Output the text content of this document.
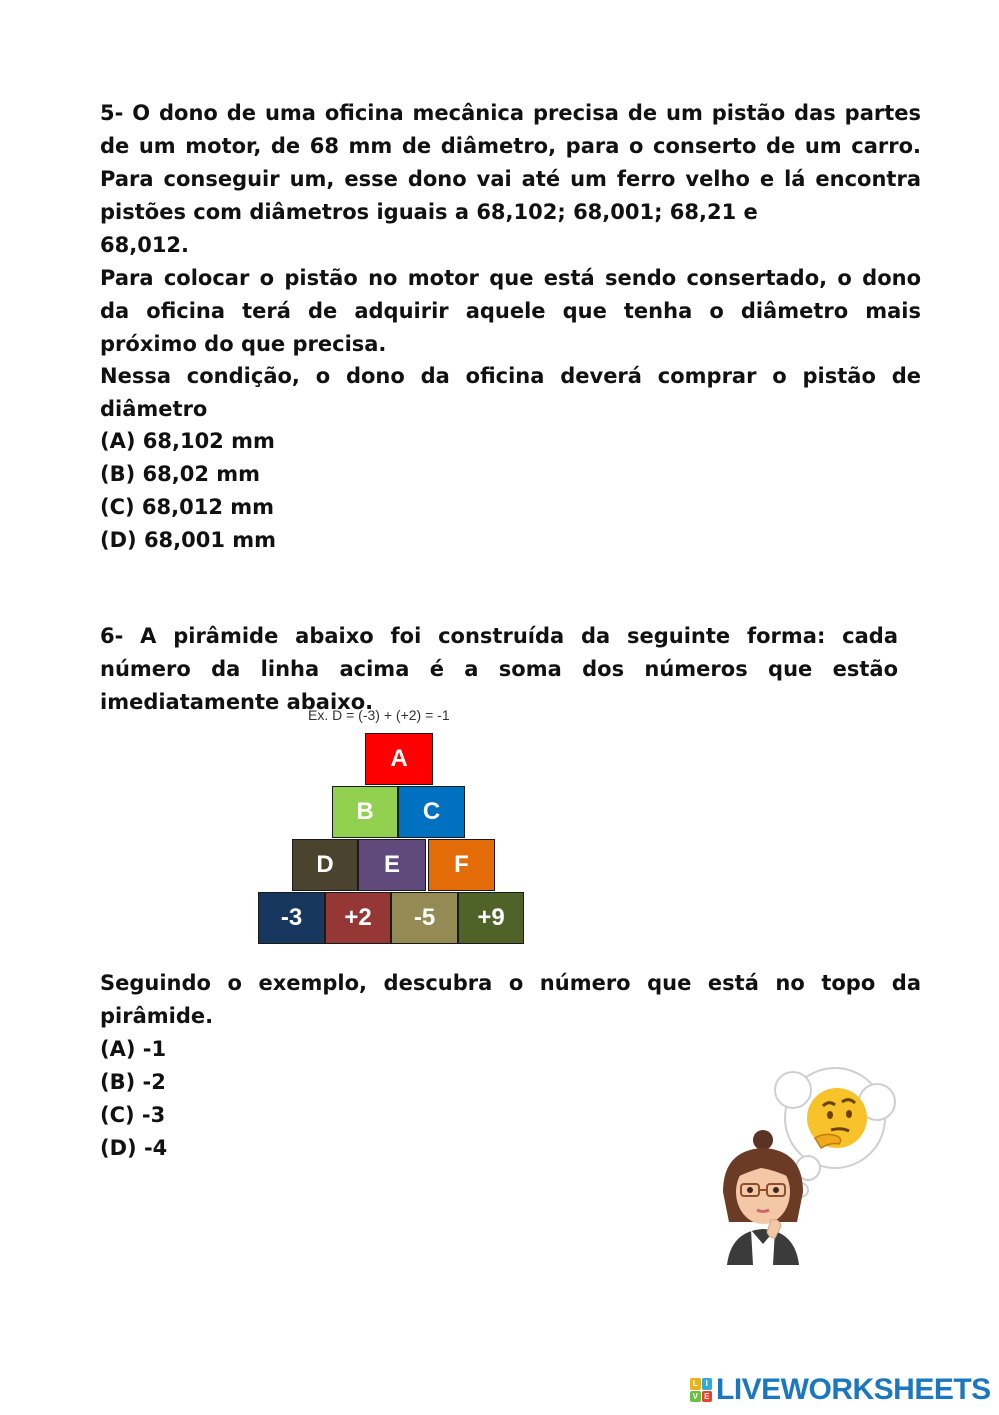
5- O dono de uma oficina mecânica precisa de um pistão das partes de um motor, de 68 mm de diâmetro, para o conserto de um carro. Para conseguir um, esse dono vai até um ferro velho e lá encontra pistões com diâmetros iguais a 68,102; 68,001; 68,21 e

68,012.

Para colocar o pistão no motor que está sendo consertado, o dono da oficina terá de adquirir aquele que tenha o diâmetro mais próximo do que precisa.

Nessa condição, o dono da oficina deverá comprar o pistão de diâmetro

(A) 68,102 mm

(B) 68,02 mm

(C) 68,012 mm

(D) 68,001 mm

6- A pirâmide abaixo foi construída da seguinte forma: cada número da linha acima é a soma dos números que estão imediatamente abaixo.

Ex. D = (-3) + (+2) = -1
A
B	C
D	E	F
-3	+2	-5	+9

Seguindo o exemplo, descubra o número que está no topo da pirâmide.

(A) -1

(B) -2

(C) -3

(D) -4

L I
V E LIVEWORKSHEETS
